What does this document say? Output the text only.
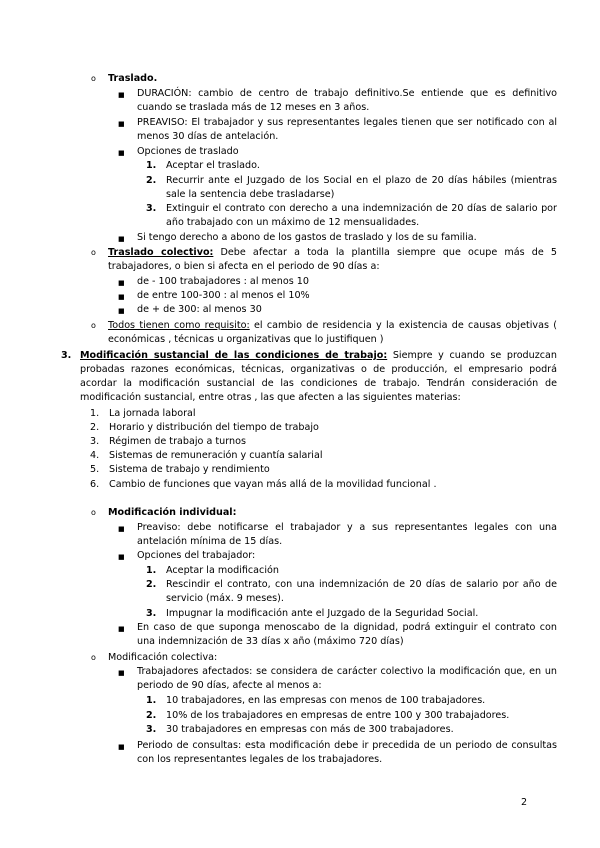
o Traslado.
■ DURACIÓN: cambio de centro de trabajo definitivo.Se entiende que es definitivo
cuando se traslada más de 12 meses en 3 años.
■ PREAVISO: El trabajador y sus representantes legales tienen que ser notificado con al
menos 30 días de antelación.
■ Opciones de traslado
1. Aceptar el traslado.
2. Recurrir ante el Juzgado de los Social en el plazo de 20 días hábiles (mientras
sale la sentencia debe trasladarse)
3. Extinguir el contrato con derecho a una indemnización de 20 días de salario por
año trabajado con un máximo de 12 mensualidades.
■ Si tengo derecho a abono de los gastos de traslado y los de su familia.
o Traslado colectivo: Debe afectar a toda la plantilla siempre que ocupe más de 5
trabajadores, o bien si afecta en el periodo de 90 días a:
■ de - 100 trabajadores : al menos 10
■ de entre 100-300 : al menos el 10%
■ de + de 300: al menos 30
o Todos tienen como requisito: el cambio de residencia y la existencia de causas objetivas (
económicas , técnicas u organizativas que lo justifiquen )
3. Modificación sustancial de las condiciones de trabajo: Siempre y cuando se produzcan
probadas razones económicas, técnicas, organizativas o de producción, el empresario podrá
acordar la modificación sustancial de las condiciones de trabajo. Tendrán consideración de
modificación sustancial, entre otras , las que afecten a las siguientes materias:
1. La jornada laboral
2. Horario y distribución del tiempo de trabajo
3. Régimen de trabajo a turnos
4. Sistemas de remuneración y cuantía salarial
5. Sistema de trabajo y rendimiento
6. Cambio de funciones que vayan más allá de la movilidad funcional .
o Modificación individual:
■ Preaviso: debe notificarse el trabajador y a sus representantes legales con una
antelación mínima de 15 días.
■ Opciones del trabajador:
1. Aceptar la modificación
2. Rescindir el contrato, con una indemnización de 20 días de salario por año de
servicio (máx. 9 meses).
3. Impugnar la modificación ante el Juzgado de la Seguridad Social.
■ En caso de que suponga menoscabo de la dignidad, podrá extinguir el contrato con
una indemnización de 33 días x año (máximo 720 días)
o Modificación colectiva:
■ Trabajadores afectados: se considera de carácter colectivo la modificación que, en un
periodo de 90 días, afecte al menos a:
1. 10 trabajadores, en las empresas con menos de 100 trabajadores.
2. 10% de los trabajadores en empresas de entre 100 y 300 trabajadores.
3. 30 trabajadores en empresas con más de 300 trabajadores.
■ Periodo de consultas: esta modificación debe ir precedida de un periodo de consultas
con los representantes legales de los trabajadores.
2
